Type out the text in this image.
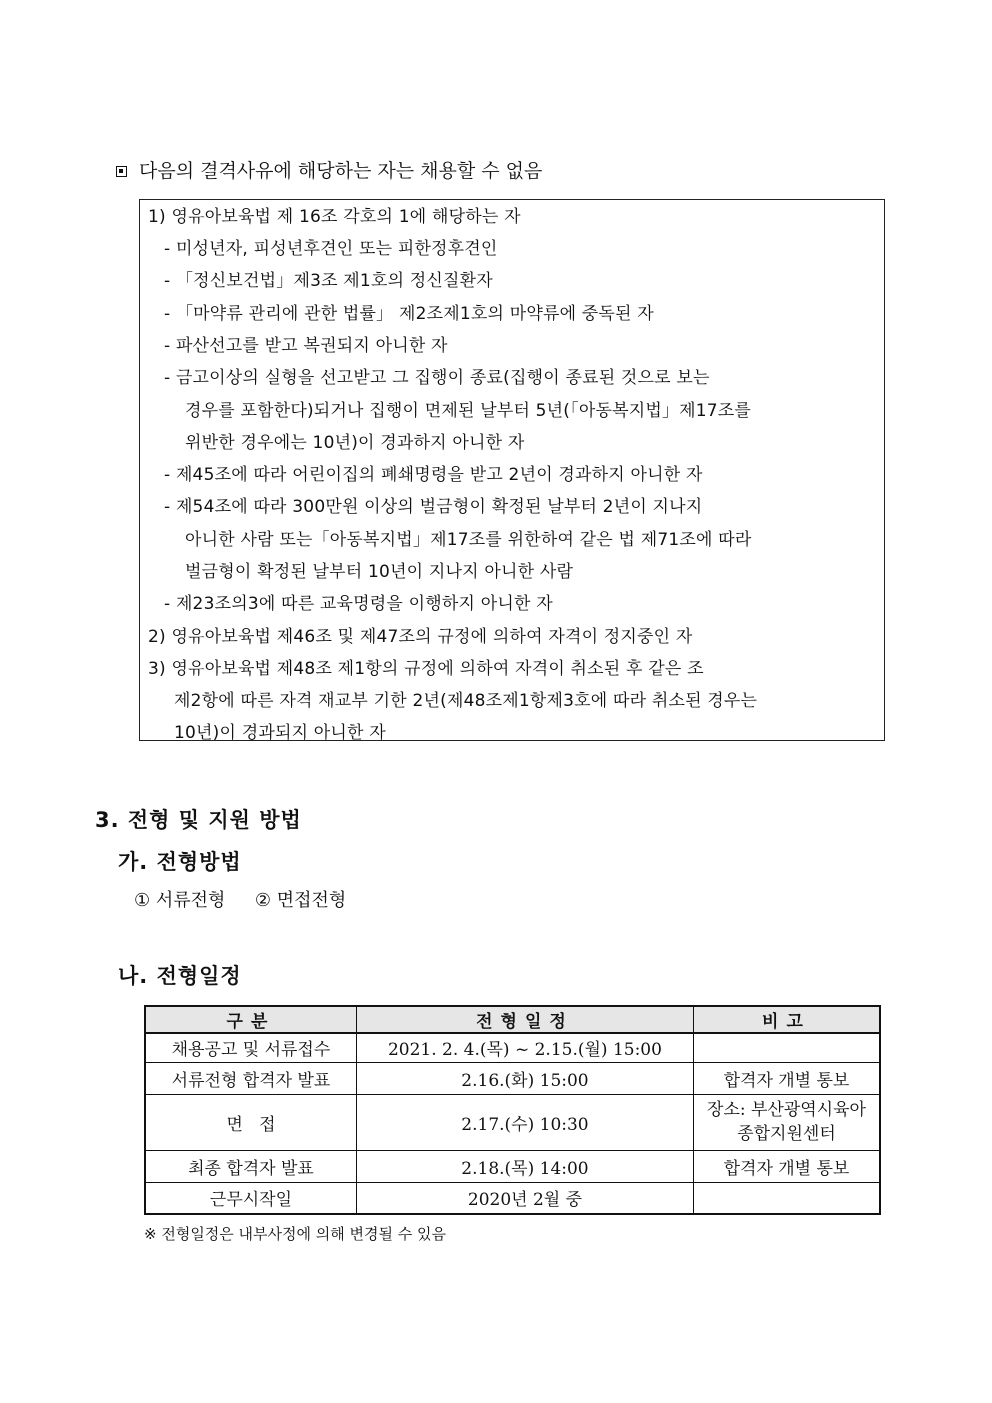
다음의 결격사유에 해당하는 자는 채용할 수 없음
1) 영유아보육법 제 16조 각호의 1에 해당하는 자
- 미성년자, 피성년후견인 또는 피한정후견인
- 「정신보건법」제3조 제1호의 정신질환자
- 「마약류 관리에 관한 법률」 제2조제1호의 마약류에 중독된 자
- 파산선고를 받고 복권되지 아니한 자
- 금고이상의 실형을 선고받고 그 집행이 종료(집행이 종료된 것으로 보는
경우를 포함한다)되거나 집행이 면제된 날부터 5년(「아동복지법」제17조를
위반한 경우에는 10년)이 경과하지 아니한 자
- 제45조에 따라 어린이집의 폐쇄명령을 받고 2년이 경과하지 아니한 자
- 제54조에 따라 300만원 이상의 벌금형이 확정된 날부터 2년이 지나지
아니한 사람 또는「아동복지법」제17조를 위한하여 같은 법 제71조에 따라
벌금형이 확정된 날부터 10년이 지나지 아니한 사람
- 제23조의3에 따른 교육명령을 이행하지 아니한 자
2) 영유아보육법 제46조 및 제47조의 규정에 의하여 자격이 정지중인 자
3) 영유아보육법 제48조 제1항의 규정에 의하여 자격이 취소된 후 같은 조
제2항에 따른 자격 재교부 기한 2년(제48조제1항제3호에 따라 취소된 경우는
10년)이 경과되지 아니한 자
3. 전형 및 지원 방법
가. 전형방법
① 서류전형 ② 면접전형
나. 전형일정
구분	전형일정	비고
채용공고 및 서류접수	2021. 2. 4.(목) ~ 2.15.(월) 15:00	
서류전형 합격자 발표	2.16.(화) 15:00	합격자 개별 통보
면   접	2.17.(수) 10:30	장소: 부산광역시육아 종합지원센터
최종 합격자 발표	2.18.(목) 14:00	합격자 개별 통보
근무시작일	2020년 2월 중	
※ 전형일정은 내부사정에 의해 변경될 수 있음
